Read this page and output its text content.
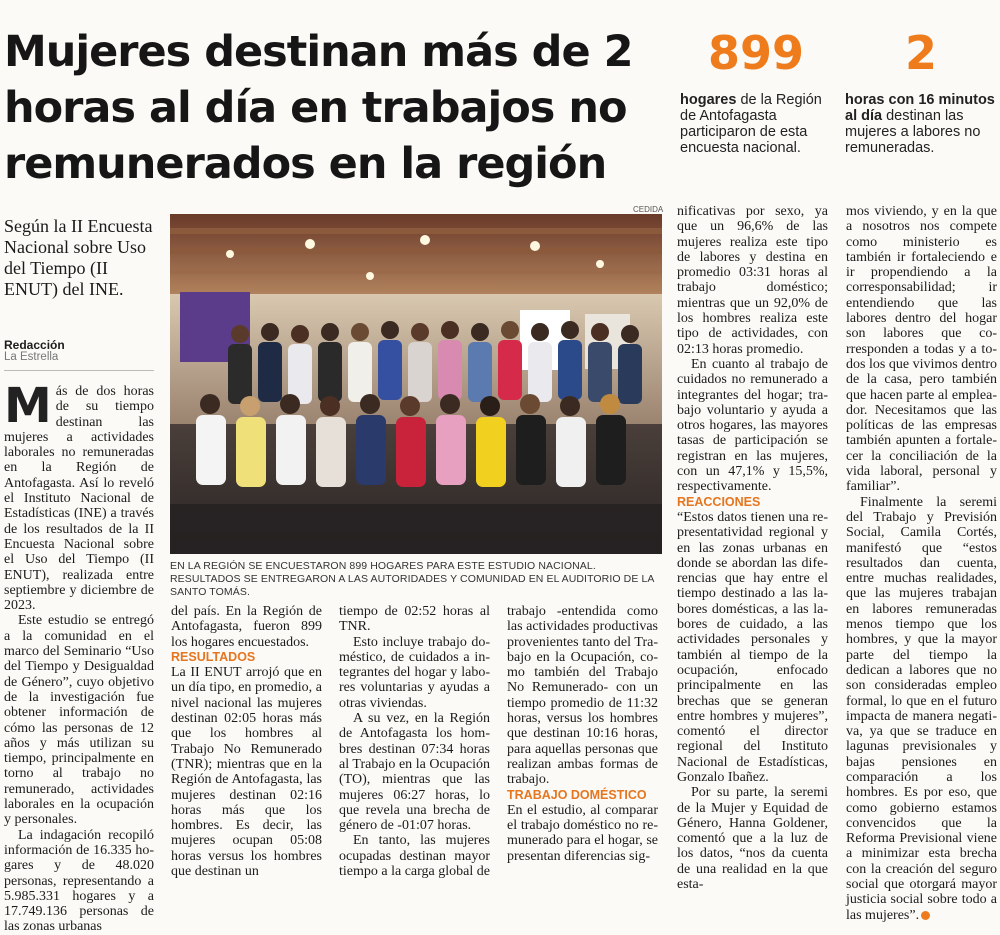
Mujeres destinan más de 2
horas al día en trabajos no
remunerados en la región
899
hogares de la Región de Antofagasta participaron de esta encuesta nacional.
2
horas con 16 minutos al día destinan las mujeres a labores no remuneradas.
Según la II Encuesta Nacional sobre Uso del Tiempo (II ENUT) del INE.
Redacción
La Estrella
CEDIDA
EN LA REGIÓN SE ENCUESTARON 899 HOGARES PARA ESTE ESTUDIO NACIONAL. RESULTADOS SE ENTREGARON A LAS AUTORIDADES Y COMUNIDAD EN EL AUDITORIO DE LA SANTO TOMÁS.

Más de dos horas de su tiempo destinan las mujeres a actividades laborales no remuneradas en la Región de Antofagasta. Así lo reveló el Instituto Nacional de Estadísticas (INE) a través de los resultados de la II Encuesta Nacional sobre el Uso del Tiempo (II ENUT), realizada entre septiembre y diciembre de 2023.

Este estudio se entregó a la comunidad en el marco del Seminario “Uso del Tiempo y Desigualdad de Género”, cuyo objetivo de la investigación fue obtener información de cómo las personas de 12 años y más utilizan su tiempo, principalmente en torno al trabajo no remunerado, actividades laborales en la ocupación y personales.

La indagación recopiló información de 16.335 hogares y de 48.020 personas, representando a 5.985.331 hogares y a 17.749.136 personas de las zonas urbanas

del país. En la Región de Antofagasta, fueron 899 los hogares encuestados.

RESULTADOS

La II ENUT arrojó que en un día tipo, en promedio, a nivel nacional las mujeres destinan 02:05 horas más que los hombres al Trabajo No Remunerado (TNR); mientras que en la Región de Antofagasta, las mujeres destinan 02:16 horas más que los hombres. Es decir, las mujeres ocupan 05:08 horas versus los hombres que destinan un

tiempo de 02:52 horas al TNR.

Esto incluye trabajo doméstico, de cuidados a integrantes del hogar y labores voluntarias y ayudas a otras viviendas.

A su vez, en la Región de Antofagasta los hombres destinan 07:34 horas al Trabajo en la Ocupación (TO), mientras que las mujeres 06:27 horas, lo que revela una brecha de género de -01:07 horas.

En tanto, las mujeres ocupadas destinan mayor tiempo a la carga global de

trabajo -entendida como las actividades productivas provenientes tanto del Trabajo en la Ocupación, como también del Trabajo No Remunerado- con un tiempo promedio de 11:32 horas, versus los hombres que destinan 10:16 horas, para aquellas personas que realizan ambas formas de trabajo.

TRABAJO DOMÉSTICO

En el estudio, al comparar el trabajo doméstico no remunerado para el hogar, se presentan diferencias sig-

nificativas por sexo, ya que un 96,6% de las mujeres realiza este tipo de labores y destina en promedio 03:31 horas al trabajo doméstico; mientras que un 92,0% de los hombres realiza este tipo de actividades, con 02:13 horas promedio.

En cuanto al trabajo de cuidados no remunerado a integrantes del hogar; trabajo voluntario y ayuda a otros hogares, las mayores tasas de participación se registran en las mujeres, con un 47,1% y 15,5%, respectivamente.

REACCIONES

“Estos datos tienen una representatividad regional y en las zonas urbanas en donde se abordan las diferencias que hay entre el tiempo destinado a las labores domésticas, a las labores de cuidado, a las actividades personales y también al tiempo de la ocupación, enfocado principalmente en las brechas que se generan entre hombres y mujeres”, comentó el director regional del Instituto Nacional de Estadísticas, Gonzalo Ibañez.

Por su parte, la seremi de la Mujer y Equidad de Género, Hanna Goldener, comentó que a la luz de los datos, “nos da cuenta de una realidad en la que esta-

mos viviendo, y en la que a nosotros nos compete como ministerio es también ir fortaleciendo e ir propendiendo a la corresponsabilidad; ir entendiendo que las labores dentro del hogar son labores que corresponden a todas y a todos los que vivimos dentro de la casa, pero también que hacen parte al empleador. Necesitamos que las políticas de las empresas también apunten a fortalecer la conciliación de la vida laboral, personal y familiar”.

Finalmente la seremi del Trabajo y Previsión Social, Camila Cortés, manifestó que “estos resultados dan cuenta, entre muchas realidades, que las mujeres trabajan en labores remuneradas menos tiempo que los hombres, y que la mayor parte del tiempo la dedican a labores que no son consideradas empleo formal, lo que en el futuro impacta de manera negativa, ya que se traduce en lagunas previsionales y bajas pensiones en comparación a los hombres. Es por eso, que como gobierno estamos convencidos que la Reforma Previsional viene a minimizar esta brecha con la creación del seguro social que otorgará mayor justicia social sobre todo a las mujeres”.
